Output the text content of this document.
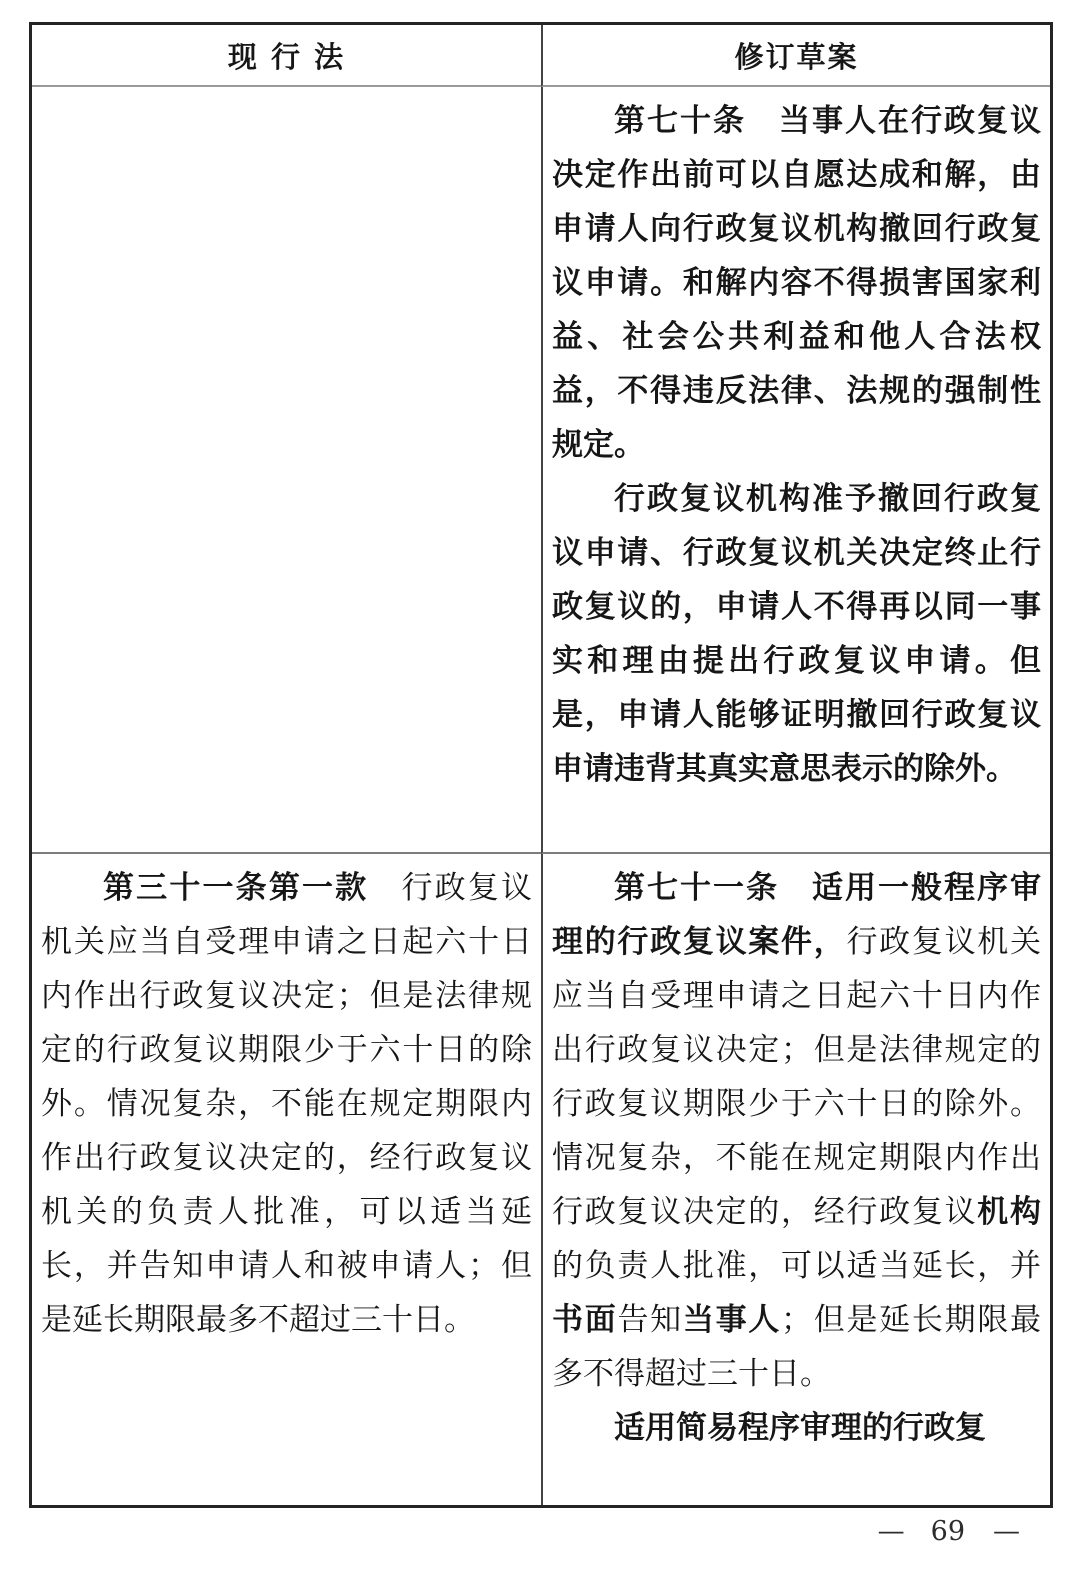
现 行 法	修订草案

第七十条　当事人在行政复议决定作出前可以自愿达成和解，由申请人向行政复议机构撤回行政复议申请。和解内容不得损害国家利益、社会公共利益和他人合法权益，不得违反法律、法规的强制性规定。

行政复议机构准予撤回行政复议申请、行政复议机关决定终止行政复议的，申请人不得再以同一事实和理由提出行政复议申请。但是，申请人能够证明撤回行政复议申请违背其真实意思表示的除外。

第三十一条第一款　行政复议机关应当自受理申请之日起六十日内作出行政复议决定；但是法律规定的行政复议期限少于六十日的除外。情况复杂，不能在规定期限内作出行政复议决定的，经行政复议机关的负责人批准，可以适当延长，并告知申请人和被申请人；但是延长期限最多不超过三十日。

第七十一条　适用一般程序审理的行政复议案件，行政复议机关应当自受理申请之日起六十日内作出行政复议决定；但是法律规定的行政复议期限少于六十日的除外。情况复杂，不能在规定期限内作出行政复议决定的，经行政复议机构的负责人批准，可以适当延长，并书面告知当事人；但是延长期限最多不得超过三十日。

适用简易程序审理的行政复

— 69 —
